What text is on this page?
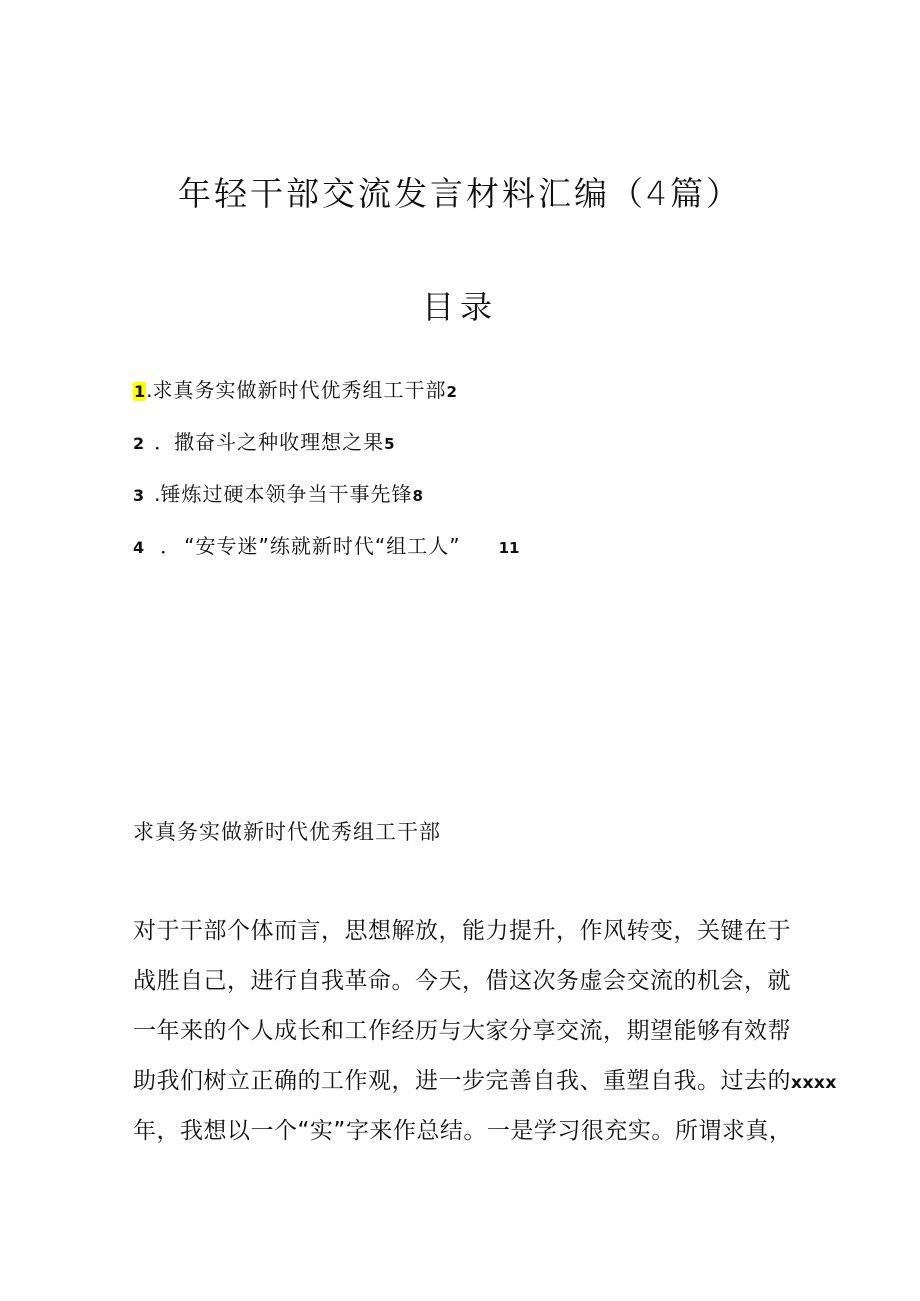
年轻干部交流发言材料汇编（4篇）
目录
1 . 求真务实做新时代优秀组工干部 2
2 ． 撒奋斗之种收理想之果 5
3 . 锤炼过硬本领争当干事先锋 8
4 ． “安专迷”练就新时代“组工人”	11
求真务实做新时代优秀组工干部
对于干部个体而言，思想解放，能力提升，作风转变，关键在于
战胜自己，进行自我革命。今天，借这次务虚会交流的机会，就
一年来的个人成长和工作经历与大家分享交流，期望能够有效帮
助我们树立正确的工作观，进一步完善自我、重塑自我。过去的xxxx
年，我想以一个“实”字来作总结。一是学习很充实。所谓求真，
